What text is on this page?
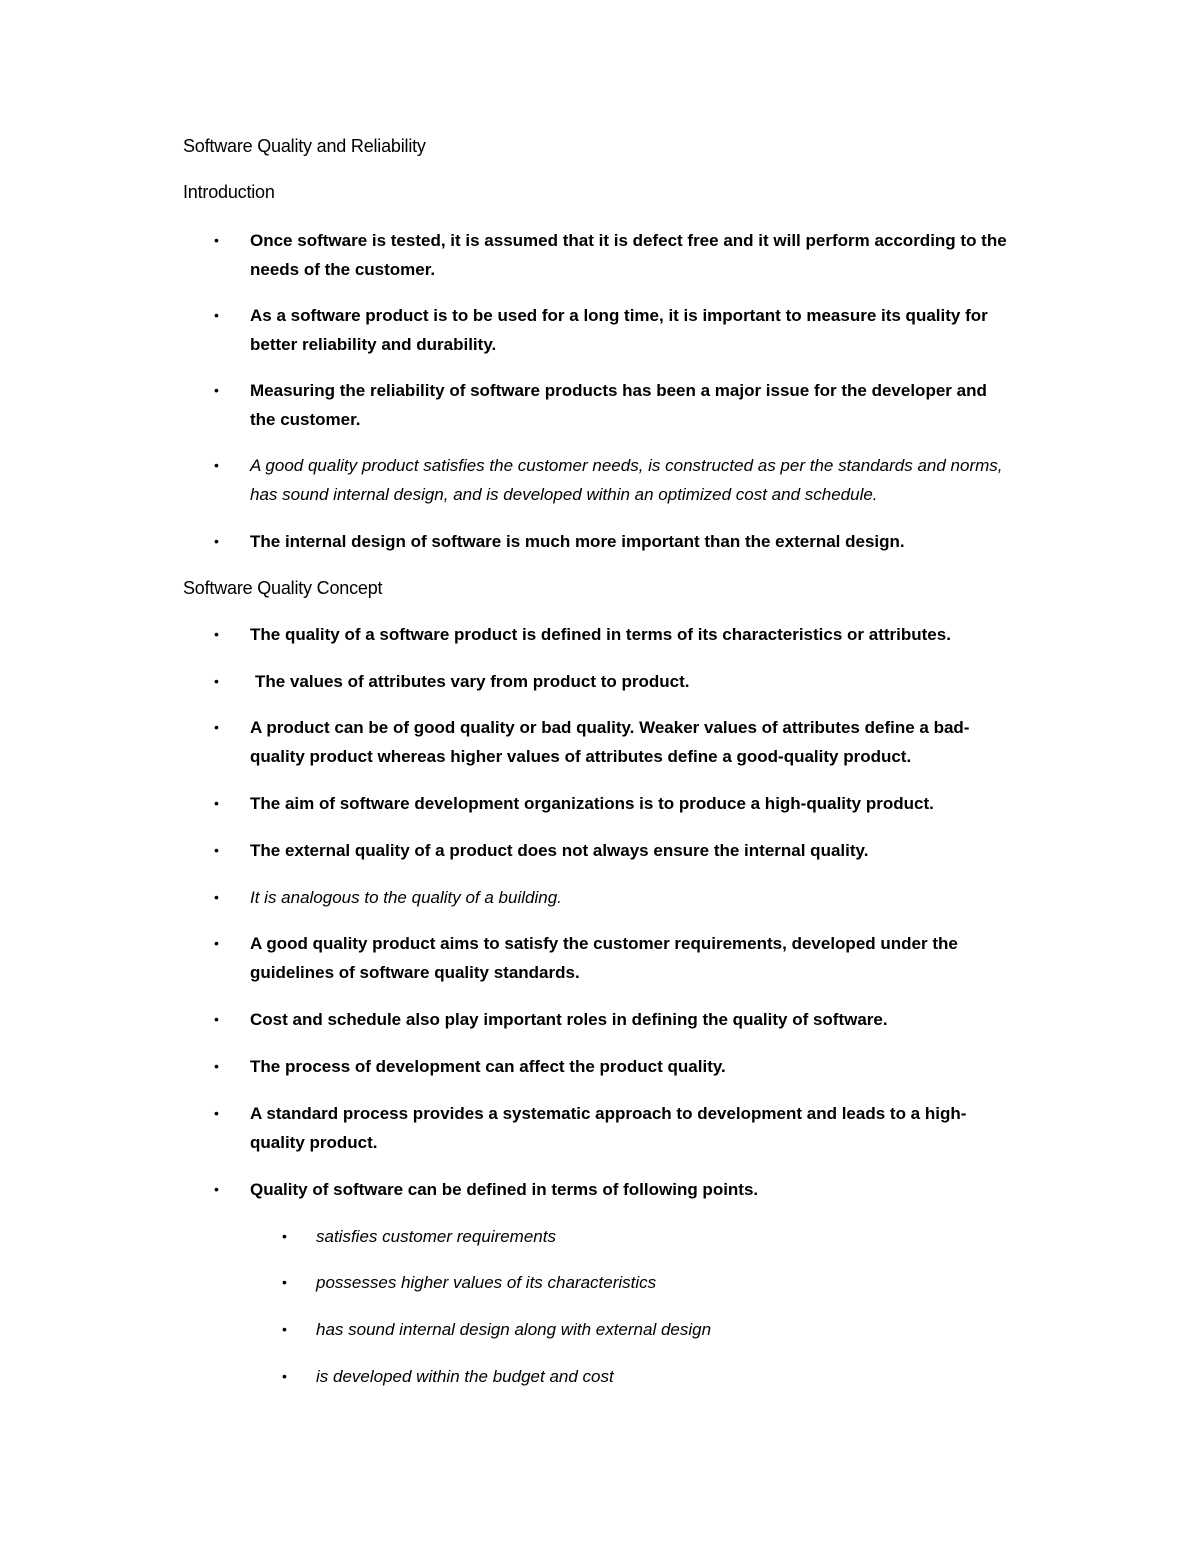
Software Quality and Reliability
Introduction
•	Once software is tested, it is assumed that it is defect free and it will perform according to the needs of the customer.
•	As a software product is to be used for a long time, it is important to measure its quality for better reliability and durability.
•	Measuring the reliability of software products has been a major issue for the developer and the customer.
•	A good quality product satisfies the customer needs, is constructed as per the standards and norms, has sound internal design, and is developed within an optimized cost and schedule.
•	The internal design of software is much more important than the external design.
Software Quality Concept
•	The quality of a software product is defined in terms of its characteristics or attributes.
•	The values of attributes vary from product to product.
•	A product can be of good quality or bad quality. Weaker values of attributes define a bad-quality product whereas higher values of attributes define a good-quality product.
•	The aim of software development organizations is to produce a high-quality product.
•	The external quality of a product does not always ensure the internal quality.
•	It is analogous to the quality of a building.
•	A good quality product aims to satisfy the customer requirements, developed under the guidelines of software quality standards.
•	Cost and schedule also play important roles in defining the quality of software.
•	The process of development can affect the product quality.
•	A standard process provides a systematic approach to development and leads to a high-quality product.
•	Quality of software can be defined in terms of following points.
• satisfies customer requirements
• possesses higher values of its characteristics
• has sound internal design along with external design
• is developed within the budget and cost
